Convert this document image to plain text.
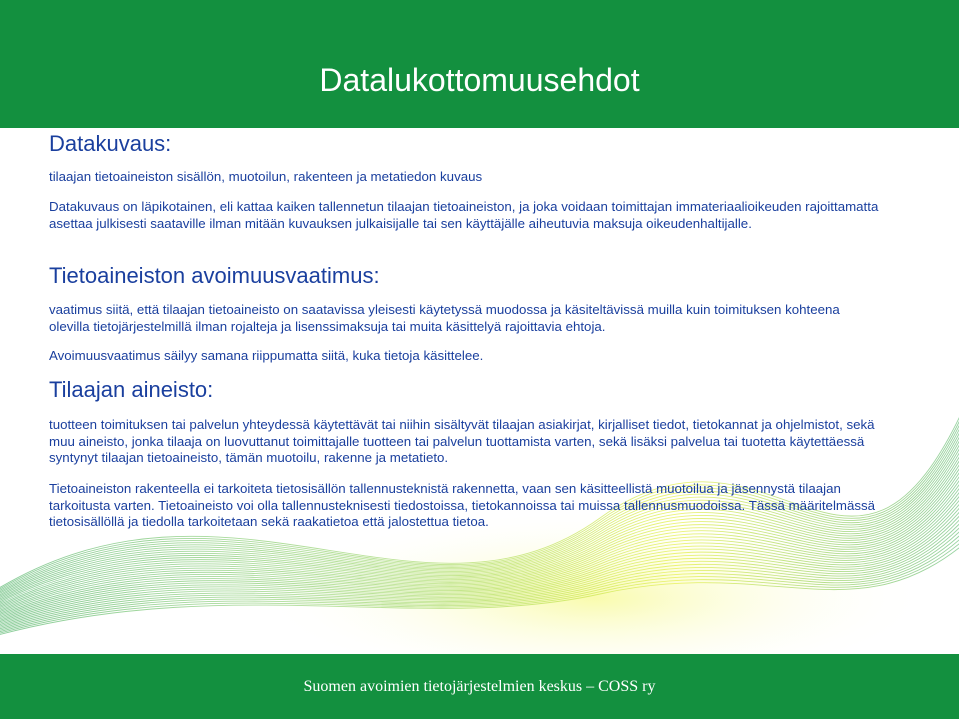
Datalukottomuusehdot
Datakuvaus:

tilaajan tietoaineiston sisällön, muotoilun, rakenteen ja metatiedon kuvaus

Datakuvaus on läpikotainen, eli kattaa kaiken tallennetun tilaajan tietoaineiston, ja joka voidaan toimittajan immateriaalioikeuden rajoittamatta asettaa julkisesti saataville ilman mitään kuvauksen julkaisijalle tai sen käyttäjälle aiheutuvia maksuja oikeudenhaltijalle.

Tietoaineiston avoimuusvaatimus:

vaatimus siitä, että tilaajan tietoaineisto on saatavissa yleisesti käytetyssä muodossa ja käsiteltävissä muilla kuin toimituksen kohteena olevilla tietojärjestelmillä ilman rojalteja ja lisenssimaksuja tai muita käsittelyä rajoittavia ehtoja.

Avoimuusvaatimus säilyy samana riippumatta siitä, kuka tietoja käsittelee.

Tilaajan aineisto:

tuotteen toimituksen tai palvelun yhteydessä käytettävät tai niihin sisältyvät tilaajan asiakirjat, kirjalliset tiedot, tietokannat ja ohjelmistot, sekä muu aineisto, jonka tilaaja on luovuttanut toimittajalle tuotteen tai palvelun tuottamista varten, sekä lisäksi palvelua tai tuotetta käytettäessä syntynyt tilaajan tietoaineisto, tämän muotoilu, rakenne ja metatieto.

Tietoaineiston rakenteella ei tarkoiteta tietosisällön tallennusteknistä rakennetta, vaan sen käsitteellistä muotoilua ja jäsennystä tilaajan tarkoitusta varten. Tietoaineisto voi olla tallennusteknisesti tiedostoissa, tietokannoissa tai muissa tallennusmuodoissa. Tässä määritelmässä tietosisällöllä ja tiedolla tarkoitetaan sekä raakatietoa että jalostettua tietoa.

Suomen avoimien tietojärjestelmien keskus – COSS ry
